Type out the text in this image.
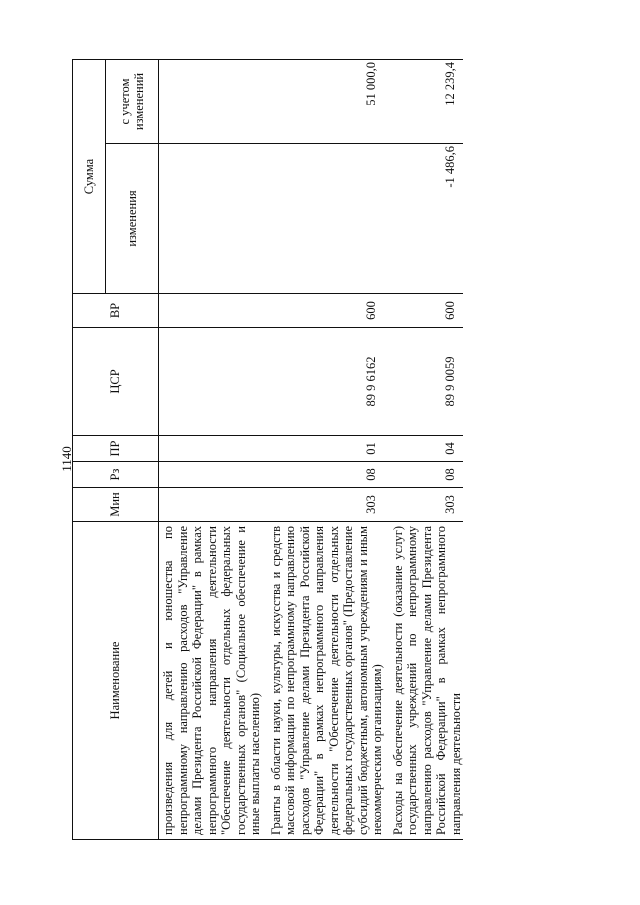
1140
Наименование	Мин	Рз	ПР	ЦСР	ВР	Сумма	
						изменения	с учетом изменений
произведения для детей и юношества по непрограммному направлению расходов "Управление делами Президента Российской Федерации" в рамках непрограммного направления деятельности "Обеспечение деятельности отдельных федеральных государственных органов" (Социальное обеспечение и иные выплаты населению)							
Гранты в области науки, культуры, искусства и средств массовой информации по непрограммному направлению расходов "Управление делами Президента Российской Федерации" в рамках непрограммного направления деятельности "Обеспечение деятельности отдельных федеральных государственных органов" (Предоставление субсидий бюджетным, автономным учреждениям и иным некоммерческим организациям)	303	08	01	89 9 6162	600		51 000,0
Расходы на обеспечение деятельности (оказание услуг) государственных учреждений по непрограммному направлению расходов "Управление делами Президента Российской Федерации" в рамках непрограммного направления деятельности	303	08	04	89 9 0059	600	-1 486,6	12 239,4
